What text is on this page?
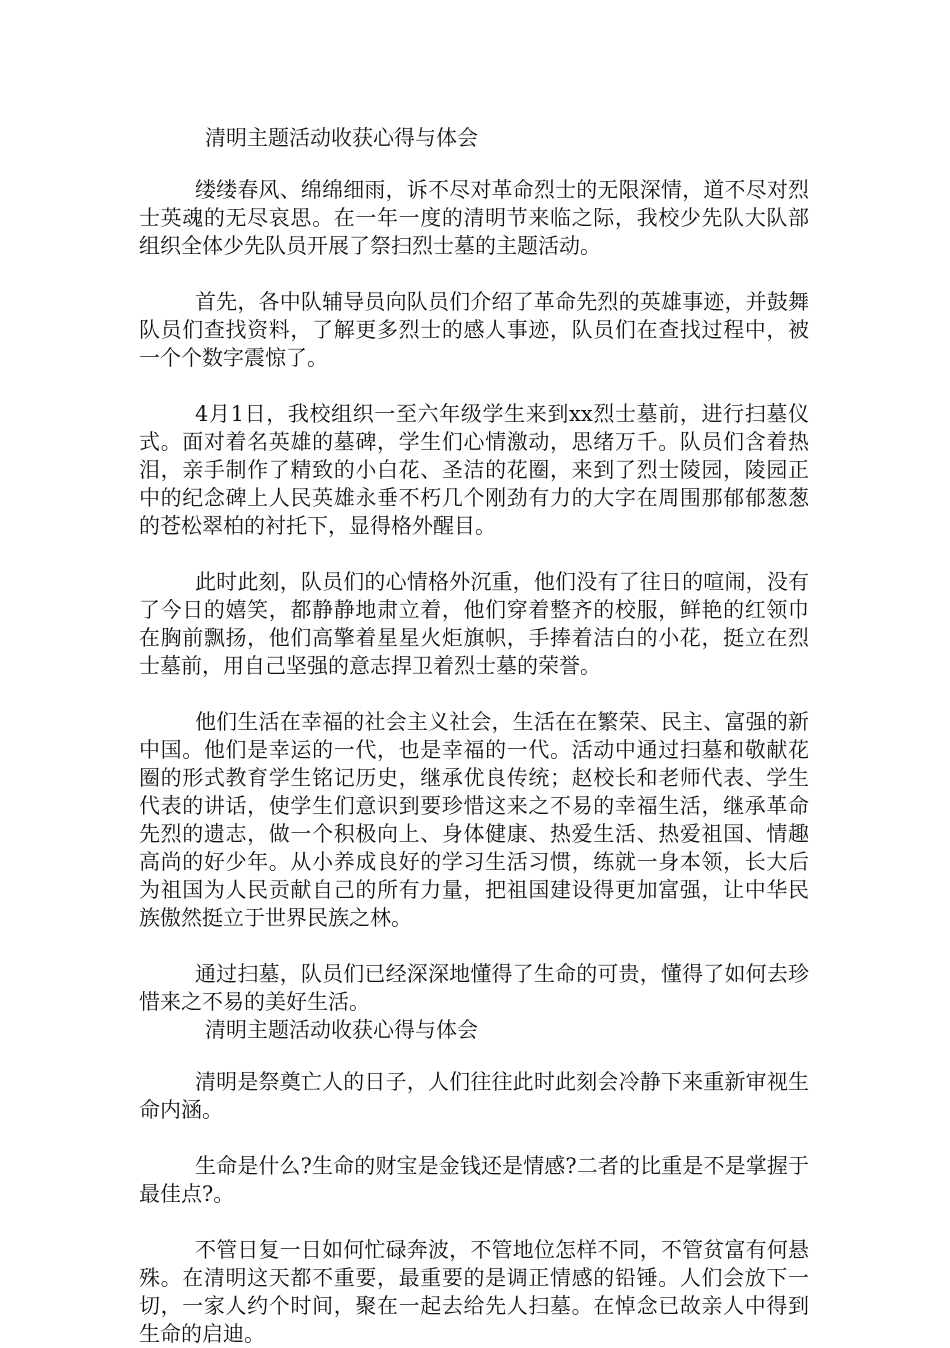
清明主题活动收获心得与体会

缕缕春风、绵绵细雨，诉不尽对革命烈士的无限深情，道不尽对烈士英魂的无尽哀思。在一年一度的清明节来临之际，我校少先队大队部组织全体少先队员开展了祭扫烈士墓的主题活动。

首先，各中队辅导员向队员们介绍了革命先烈的英雄事迹，并鼓舞队员们查找资料，了解更多烈士的感人事迹，队员们在查找过程中，被一个个数字震惊了。

4月1日，我校组织一至六年级学生来到xx烈士墓前，进行扫墓仪式。面对着名英雄的墓碑，学生们心情激动，思绪万千。队员们含着热泪，亲手制作了精致的小白花、圣洁的花圈，来到了烈士陵园，陵园正中的纪念碑上人民英雄永垂不朽几个刚劲有力的大字在周围那郁郁葱葱的苍松翠柏的衬托下，显得格外醒目。

此时此刻，队员们的心情格外沉重，他们没有了往日的喧闹，没有了今日的嬉笑，都静静地肃立着，他们穿着整齐的校服，鲜艳的红领巾在胸前飘扬，他们高擎着星星火炬旗帜，手捧着洁白的小花，挺立在烈士墓前，用自己坚强的意志捍卫着烈士墓的荣誉。

他们生活在幸福的社会主义社会，生活在在繁荣、民主、富强的新中国。他们是幸运的一代，也是幸福的一代。活动中通过扫墓和敬献花圈的形式教育学生铭记历史，继承优良传统；赵校长和老师代表、学生代表的讲话，使学生们意识到要珍惜这来之不易的幸福生活，继承革命先烈的遗志，做一个积极向上、身体健康、热爱生活、热爱祖国、情趣高尚的好少年。从小养成良好的学习生活习惯，练就一身本领，长大后为祖国为人民贡献自己的所有力量，把祖国建设得更加富强，让中华民族傲然挺立于世界民族之林。

通过扫墓，队员们已经深深地懂得了生命的可贵，懂得了如何去珍惜来之不易的美好生活。

清明主题活动收获心得与体会

清明是祭奠亡人的日子，人们往往此时此刻会冷静下来重新审视生命内涵。

生命是什么?生命的财宝是金钱还是情感?二者的比重是不是掌握于最佳点?。

不管日复一日如何忙碌奔波，不管地位怎样不同，不管贫富有何悬殊。在清明这天都不重要，最重要的是调正情感的铅锤。人们会放下一切，一家人约个时间，聚在一起去给先人扫墓。在悼念已故亲人中得到生命的启迪。
